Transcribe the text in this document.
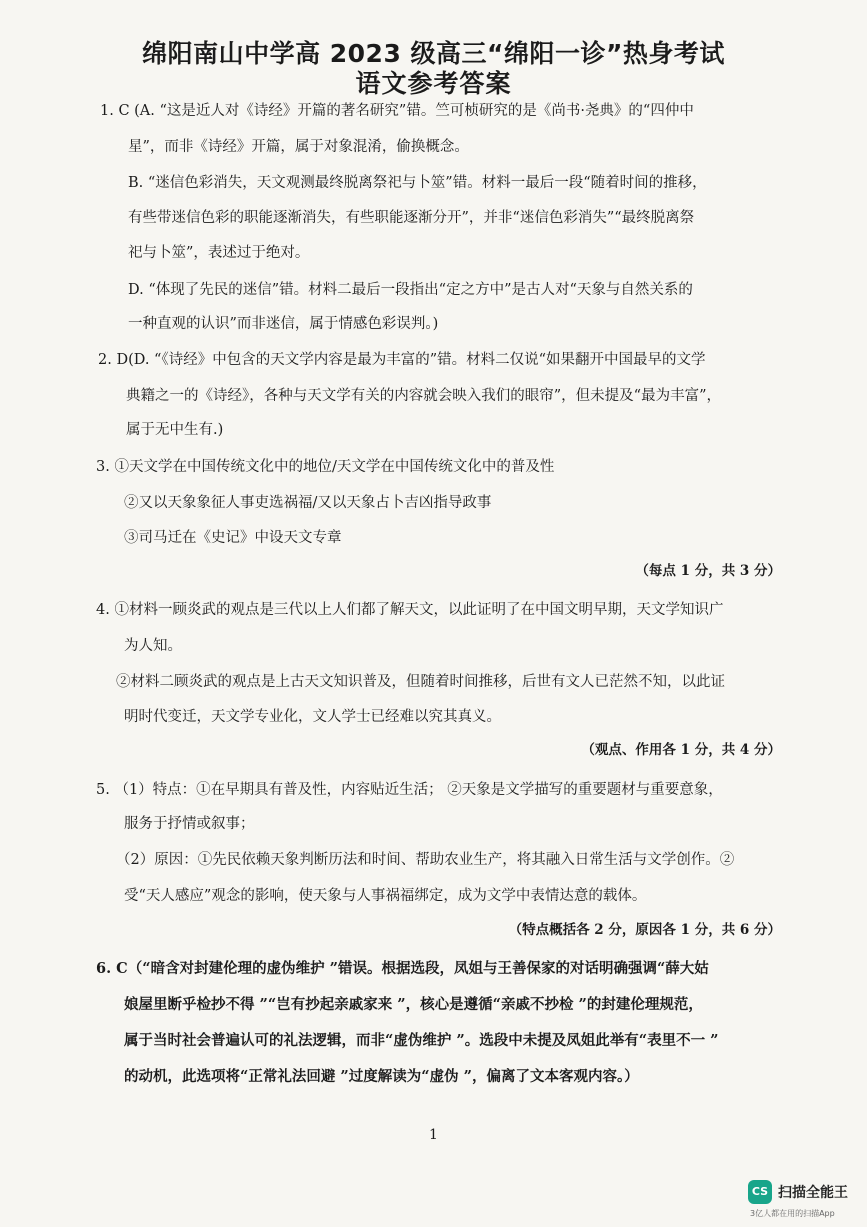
绵阳南山中学高 2023 级高三“绵阳一诊”热身考试
语文参考答案
1. C (A. “这是近人对《诗经》开篇的著名研究”错。竺可桢研究的是《尚书·尧典》的“四仲中
星”，而非《诗经》开篇，属于对象混淆，偷换概念。
B. “迷信色彩消失，天文观测最终脱离祭祀与卜筮”错。材料一最后一段“随着时间的推移，
有些带迷信色彩的职能逐渐消失，有些职能逐渐分开”，并非“迷信色彩消失”“最终脱离祭
祀与卜筮”，表述过于绝对。
D. “体现了先民的迷信”错。材料二最后一段指出“定之方中”是古人对“天象与自然关系的
一种直观的认识”而非迷信，属于情感色彩误判。)
2. D(D. “《诗经》中包含的天文学内容是最为丰富的”错。材料二仅说“如果翻开中国最早的文学
典籍之一的《诗经》，各种与天文学有关的内容就会映入我们的眼帘”，但未提及“最为丰富”，
属于无中生有.)
3. ①天文学在中国传统文化中的地位/天文学在中国传统文化中的普及性
②又以天象象征人事吏选祸福/又以天象占卜吉凶指导政事
③司马迁在《史记》中设天文专章
（每点 1 分，共 3 分）
4. ①材料一顾炎武的观点是三代以上人们都了解天文，以此证明了在中国文明早期，天文学知识广
为人知。
②材料二顾炎武的观点是上古天文知识普及，但随着时间推移，后世有文人已茫然不知，以此证
明时代变迁，天文学专业化，文人学士已经难以究其真义。
（观点、作用各 1 分，共 4 分）
5. （1）特点：①在早期具有普及性，内容贴近生活； ②天象是文学描写的重要题材与重要意象，
服务于抒情或叙事；
（2）原因：①先民依赖天象判断历法和时间、帮助农业生产，将其融入日常生活与文学创作。②
受“天人感应”观念的影响，使天象与人事祸福绑定，成为文学中表情达意的载体。
（特点概括各 2 分，原因各 1 分，共 6 分）
6. C（“暗含对封建伦理的虚伪维护 ”错误。根据选段，凤姐与王善保家的对话明确强调“薛大姑
娘屋里断乎检抄不得 ”“岂有抄起亲戚家来 ”，核心是遵循“亲戚不抄检 ”的封建伦理规范，
属于当时社会普遍认可的礼法逻辑，而非“虚伪维护 ”。选段中未提及凤姐此举有“表里不一 ”
的动机，此选项将“正常礼法回避 ”过度解读为“虚伪 ”，偏离了文本客观内容。）
1
CS 扫描全能王
3亿人都在用的扫描App
